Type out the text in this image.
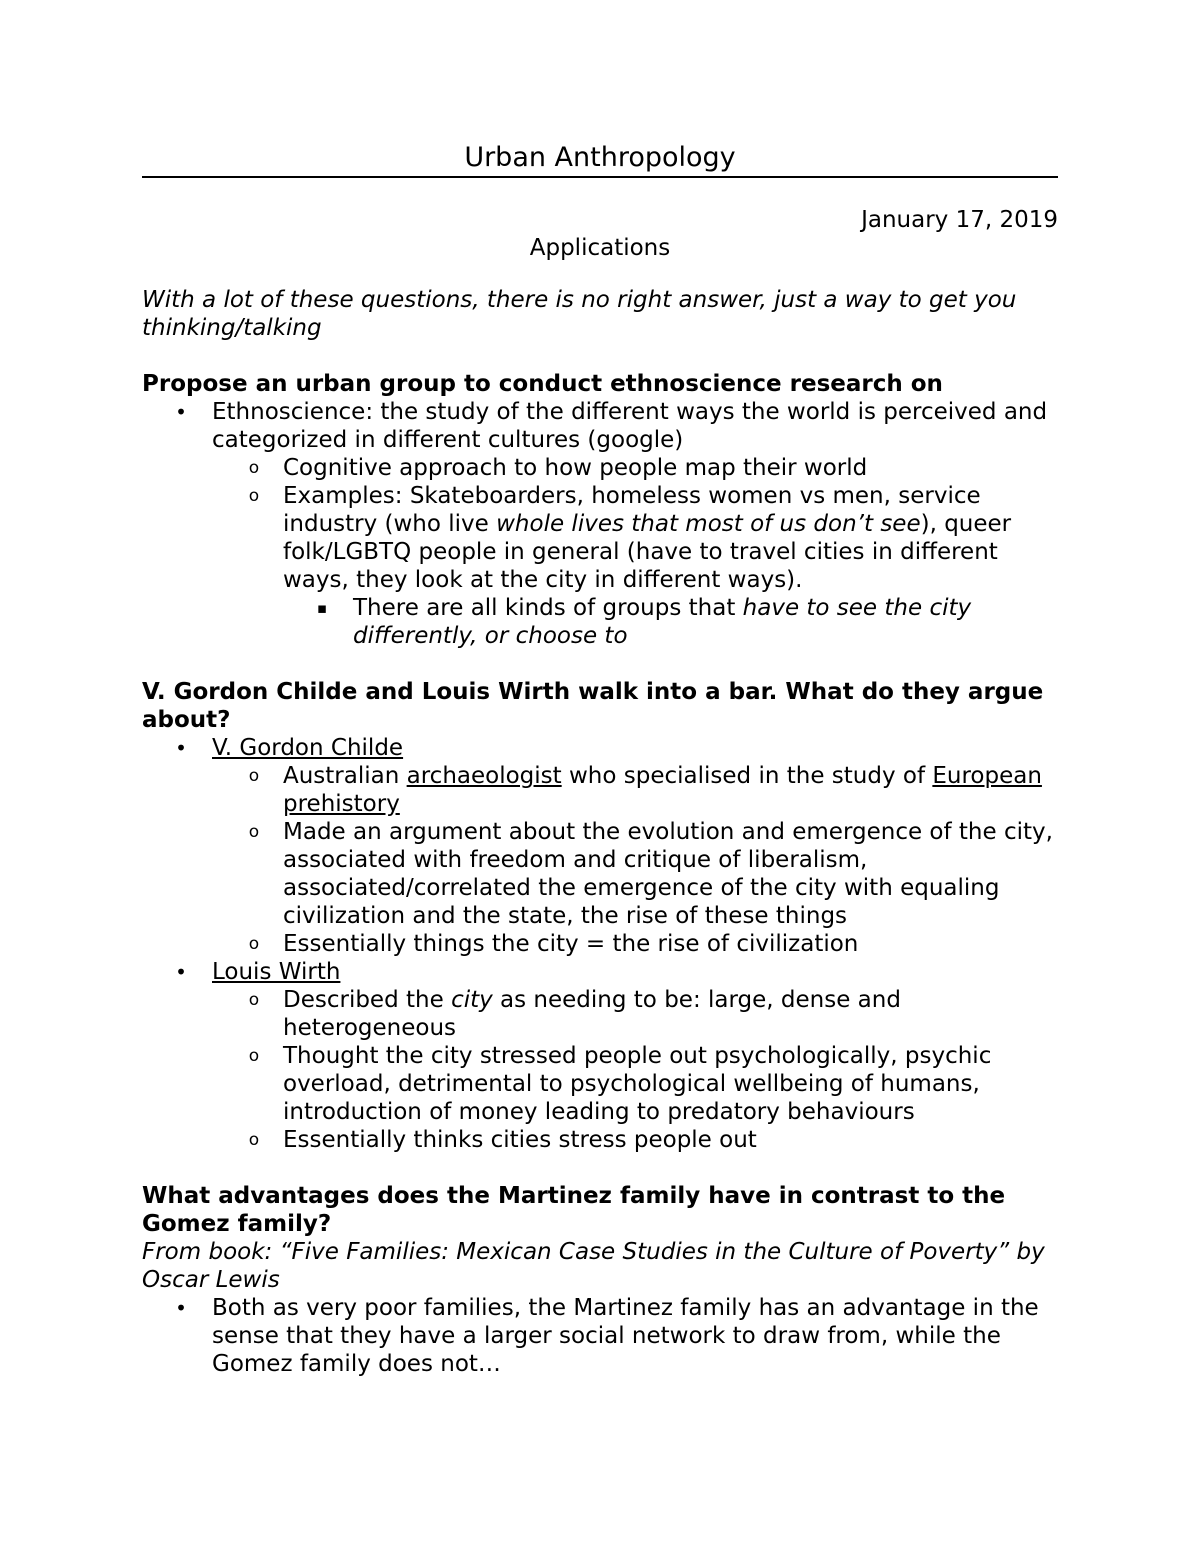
Urban Anthropology
January 17, 2019
Applications

With a lot of these questions, there is no right answer, just a way to get you thinking/talking

Propose an urban group to conduct ethnoscience research on

• Ethnoscience: the study of the different ways the world is perceived and categorized in different cultures (google)
o Cognitive approach to how people map their world
o Examples: Skateboarders, homeless women vs men, service industry (who live whole lives that most of us don’t see), queer folk/LGBTQ people in general (have to travel cities in different ways, they look at the city in different ways).
▪ There are all kinds of groups that have to see the city differently, or choose to

V. Gordon Childe and Louis Wirth walk into a bar. What do they argue about?

• V. Gordon Childe
o Australian archaeologist who specialised in the study of European prehistory
o Made an argument about the evolution and emergence of the city, associated with freedom and critique of liberalism, associated/correlated the emergence of the city with equaling civilization and the state, the rise of these things
o Essentially things the city = the rise of civilization
• Louis Wirth
o Described the city as needing to be: large, dense and heterogeneous
o Thought the city stressed people out psychologically, psychic overload, detrimental to psychological wellbeing of humans, introduction of money leading to predatory behaviours
o Essentially thinks cities stress people out

What advantages does the Martinez family have in contrast to the Gomez family?

From book: “Five Families: Mexican Case Studies in the Culture of Poverty” by Oscar Lewis

• Both as very poor families, the Martinez family has an advantage in the sense that they have a larger social network to draw from, while the Gomez family does not…
